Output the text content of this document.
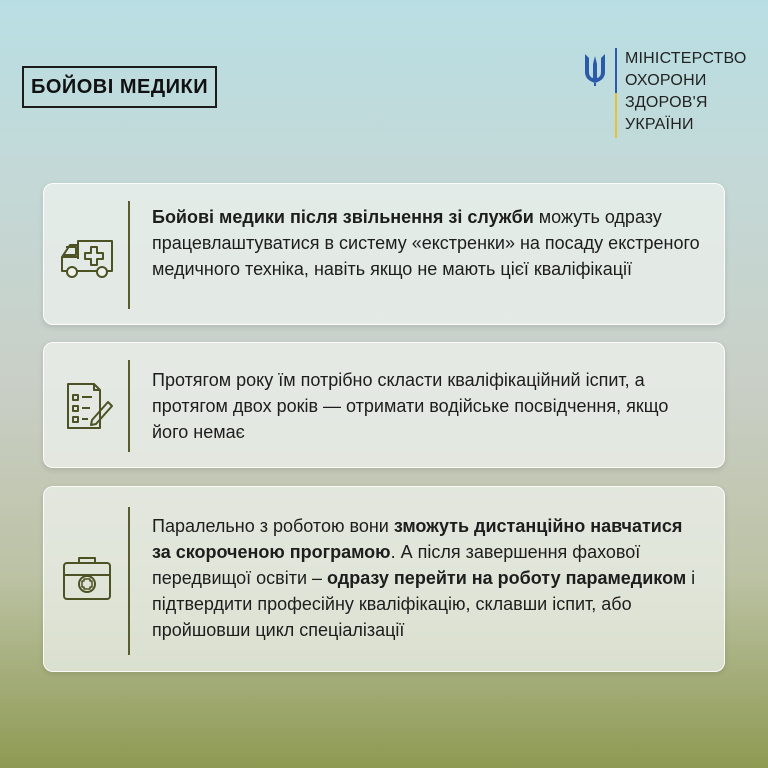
БОЙОВІ МЕДИКИ
МІНІСТЕРСТВО
ОХОРОНИ
ЗДОРОВ'Я
УКРАЇНИ
Бойові медики після звільнення зі служби можуть одразу працевлаштуватися в систему «екстренки» на посаду екстреного медичного техніка, навіть якщо не мають цієї кваліфікації
Протягом року їм потрібно скласти кваліфікаційний іспит, а протягом двох років — отримати водійське посвідчення, якщо його немає
Паралельно з роботою вони зможуть дистанційно навчатися за скороченою програмою. А після завершення фахової передвищої освіти – одразу перейти на роботу парамедиком і підтвердити професійну кваліфікацію, склавши іспит, або пройшовши цикл спеціалізації
